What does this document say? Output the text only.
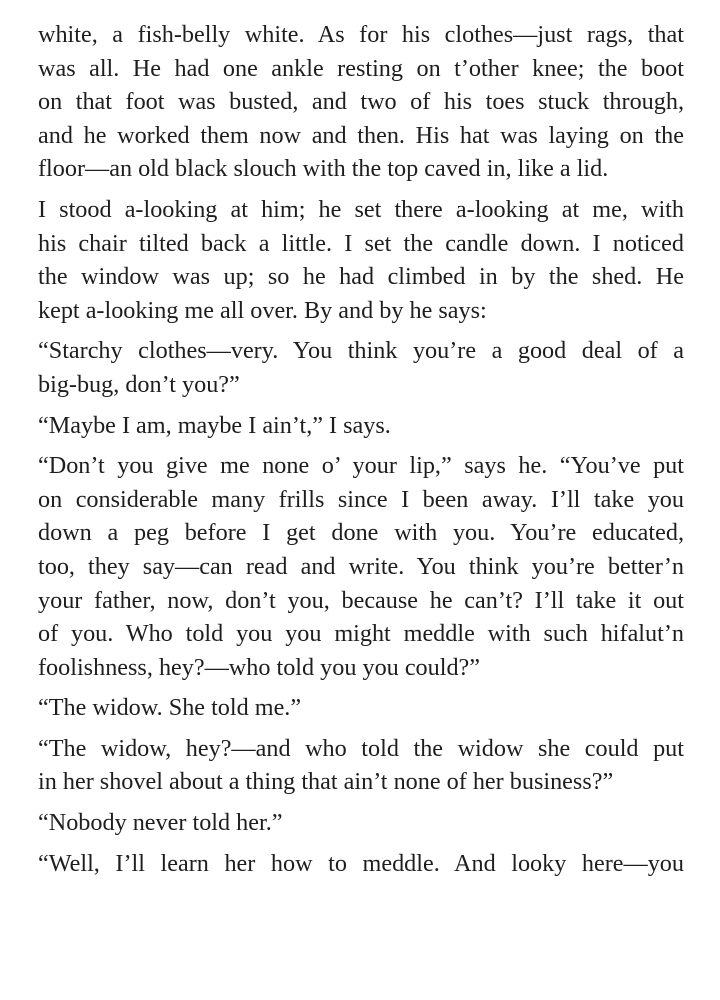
white, a fish-belly white. As for his clothes—just rags, that
was all. He had one ankle resting on t’other knee; the boot
on that foot was busted, and two of his toes stuck through,
and he worked them now and then. His hat was laying on the
floor—an old black slouch with the top caved in, like a lid.

I stood a-looking at him; he set there a-looking at me, with
his chair tilted back a little. I set the candle down. I noticed
the window was up; so he had climbed in by the shed. He
kept a-looking me all over. By and by he says:

“Starchy clothes—very. You think you’re a good deal of a
big-bug, don’t you?”

“Maybe I am, maybe I ain’t,” I says.

“Don’t you give me none o’ your lip,” says he. “You’ve put
on considerable many frills since I been away. I’ll take you
down a peg before I get done with you. You’re educated,
too, they say—can read and write. You think you’re better’n
your father, now, don’t you, because he can’t? I’ll take it out
of you. Who told you you might meddle with such hifalut’n
foolishness, hey?—who told you you could?”

“The widow. She told me.”

“The widow, hey?—and who told the widow she could put
in her shovel about a thing that ain’t none of her business?”

“Nobody never told her.”

“Well, I’ll learn her how to meddle. And looky here—you
